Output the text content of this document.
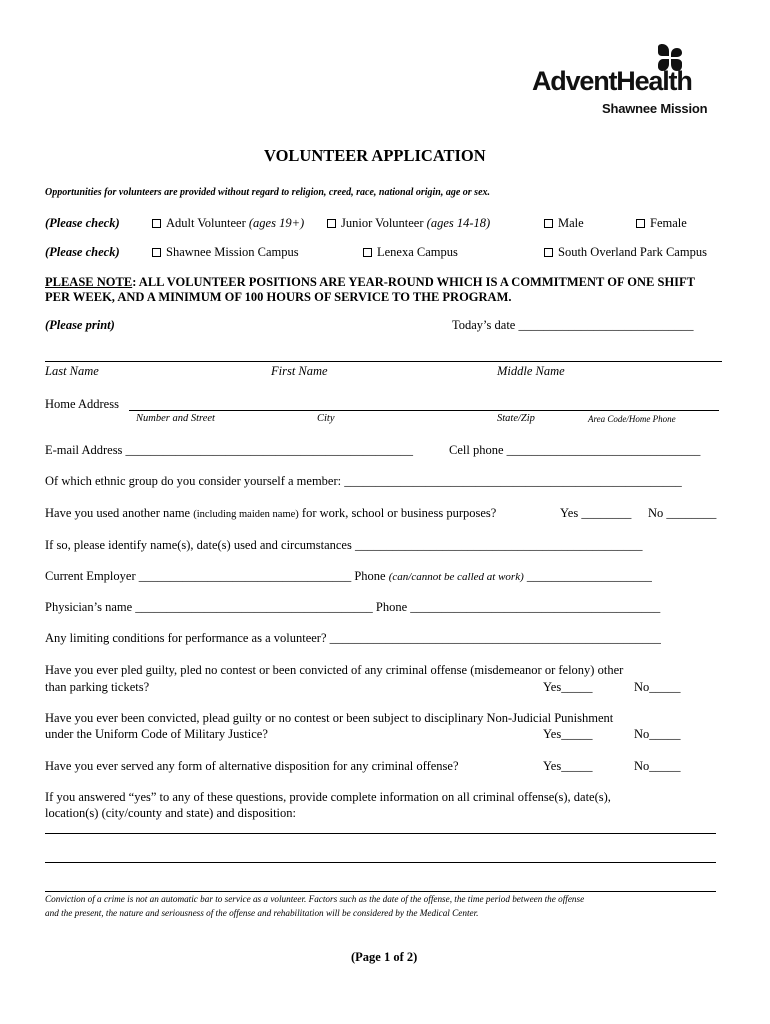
AdventHealth
Shawnee Mission
VOLUNTEER APPLICATION
Opportunities for volunteers are provided without regard to religion, creed, race, national origin, age or sex.
(Please check)	Adult Volunteer (ages 19+)	Junior Volunteer (ages 14-18)	Male	Female
(Please check)	Shawnee Mission Campus	Lenexa Campus	South Overland Park Campus
PLEASE NOTE: ALL VOLUNTEER POSITIONS ARE YEAR-ROUND WHICH IS A COMMITMENT OF ONE SHIFT
PER WEEK, AND A MINIMUM OF 100 HOURS OF SERVICE TO THE PROGRAM.
(Please print)	Today’s date ____________________________
Last Name	First Name	Middle Name
Home Address
Number and Street	City	State/Zip	Area Code/Home Phone
E-mail Address ______________________________________________	Cell phone _______________________________
Of which ethnic group do you consider yourself a member: ______________________________________________________
Have you used another name (including maiden name) for work, school or business purposes?	Yes ________ No ________
If so, please identify name(s), date(s) used and circumstances ______________________________________________
Current Employer __________________________________ Phone (can/cannot be called at work) ____________________
Physician’s name ______________________________________ Phone ________________________________________
Any limiting conditions for performance as a volunteer? _____________________________________________________
Have you ever pled guilty, pled no contest or been convicted of any criminal offense (misdemeanor or felony) other
than parking tickets?	Yes_____	No_____
Have you ever been convicted, plead guilty or no contest or been subject to disciplinary Non-Judicial Punishment
under the Uniform Code of Military Justice?	Yes_____	No_____
Have you ever served any form of alternative disposition for any criminal offense?	Yes_____	No_____
If you answered “yes” to any of these questions, provide complete information on all criminal offense(s), date(s),
location(s) (city/county and state) and disposition:
Conviction of a crime is not an automatic bar to service as a volunteer. Factors such as the date of the offense, the time period between the offense
and the present, the nature and seriousness of the offense and rehabilitation will be considered by the Medical Center.
(Page 1 of 2)
